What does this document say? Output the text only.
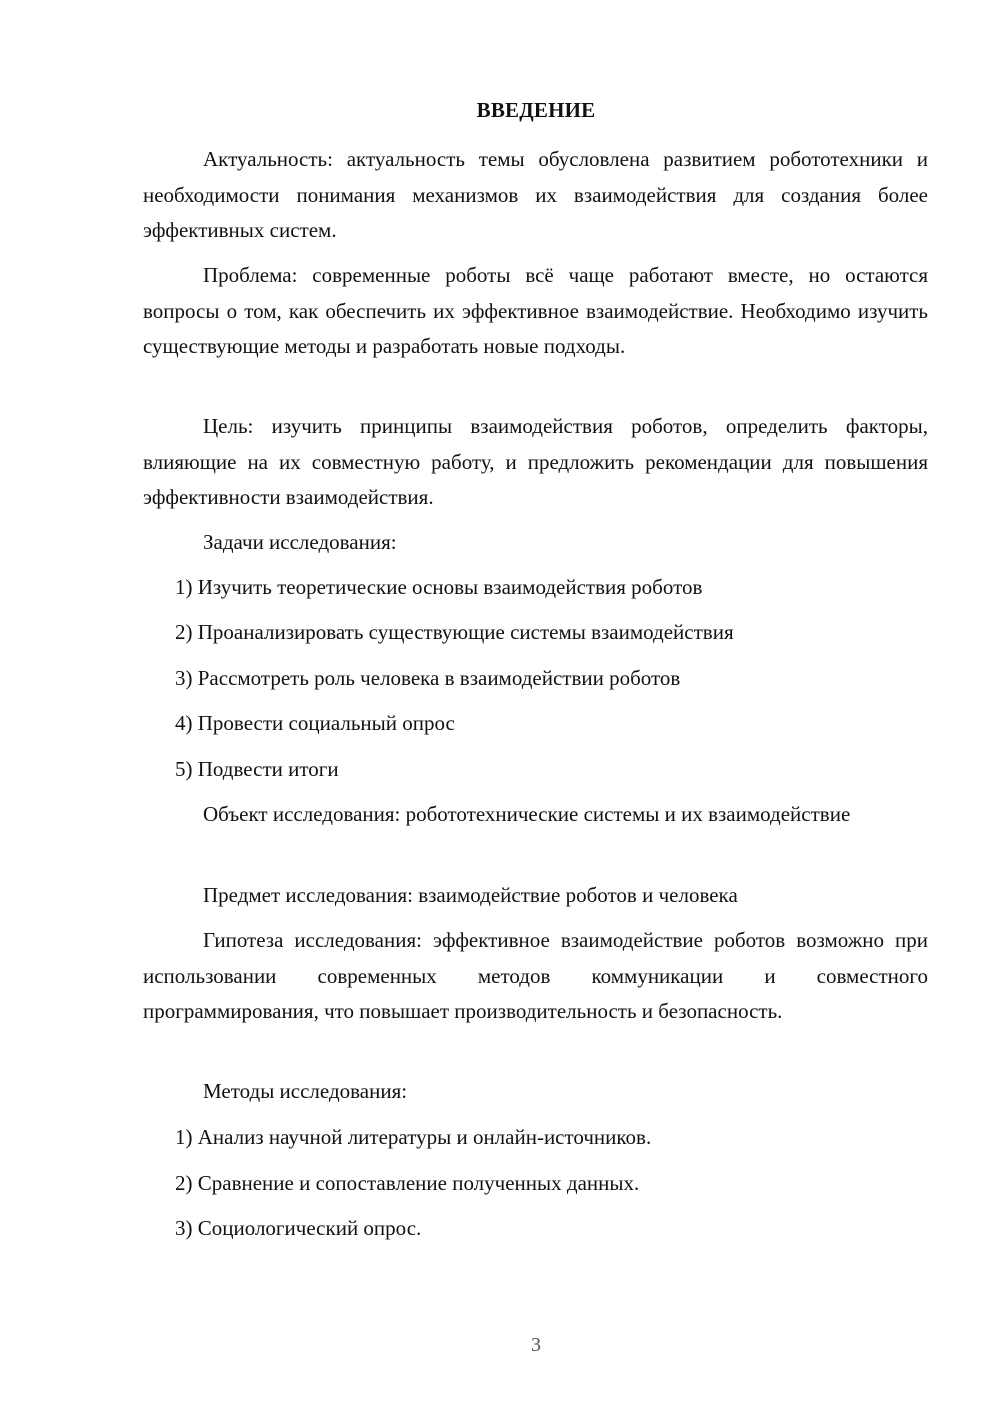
ВВЕДЕНИЕ

Актуальность: актуальность темы обусловлена развитием робототехники и необходимости понимания механизмов их взаимодействия для создания более эффективных систем.

Проблема: современные роботы всё чаще работают вместе, но остаются вопросы о том, как обеспечить их эффективное взаимодействие. Необходимо изучить существующие методы и разработать новые подходы.

Цель: изучить принципы взаимодействия роботов, определить факторы, влияющие на их совместную работу, и предложить рекомендации для повышения эффективности взаимодействия.

Задачи исследования:

1) Изучить теоретические основы взаимодействия роботов

2) Проанализировать существующие системы взаимодействия

3) Рассмотреть роль человека в взаимодействии роботов

4) Провести социальный опрос

5) Подвести итоги

Объект исследования: робототехнические системы и их взаимодействие

Предмет исследования: взаимодействие роботов и человека

Гипотеза исследования: эффективное взаимодействие роботов возможно при использовании современных методов коммуникации и совместного программирования, что повышает производительность и безопасность.

Методы исследования:

1) Анализ научной литературы и онлайн-источников.

2) Сравнение и сопоставление полученных данных.

3) Социологический опрос.

3
